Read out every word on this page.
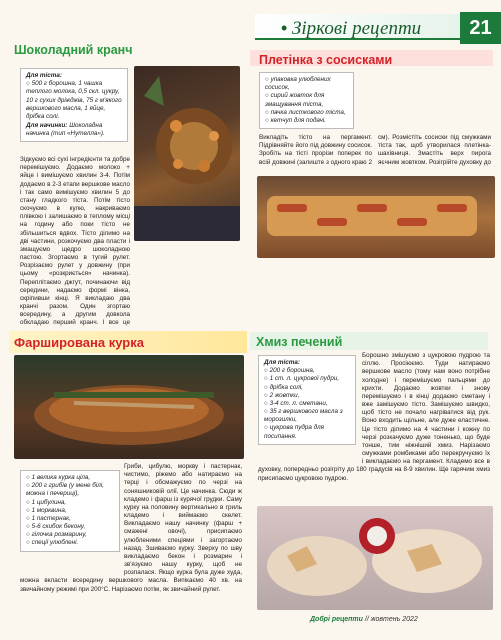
• Зіркові рецепти	21
Шоколадний кранч
Для тіста:
○ 500 г борошна, 1 чашка теплого молока, 0,5 скл. цукру, 10 г сухих дріжджів, 75 г м'якого вершкового масла, 1 яйце, дрібка солі.
Для начинки: Шоколадна начинка (тип «Нутелла»).
Зідкуємо всі сухі інгредієнти та добре перемішуємо. Додаємо молоко + яйце і вимішуємо хвилин 3-4. Потім додаємо в 2-3 етапи вершкове масло і так само вимішуємо хвилин 5 до стану гладкого тіста. Потім тісто скочуємо в кулю, накриваємо плівкою і залишаємо в теплому місці на годину або поки тісто не збільшиться вдвох. Тісто ділимо на дві частини, розкочуємо два пласти і змащуємо щедро шоколадною пастою. Згортаємо в тугий рулет. Розрізаємо рулет у довжину (при цьому «розкриється» начинка). Переплітаємо джгут, починаючи від середини, надаємо формі вінка, скріпивши кінці. Я викладаю два кранчі разом. Один згортаю всередину, а другим довкола обкладаю перший кранч. І все це
Плетінка з сосисками
○ упаковка улюблених сосисок,
○ сирий жовток для змащування тіста,
○ пачка листкового тіста,
○ кетчуп для подачі.
Викладіть тісто на пергамент. Підрівняйте його під довжину сосисок. Зробіть на тісті прорізи поперек по всій довжині (залиште з одного краю 2 см). Розмістіть сосиски під смужками тіста так, щоб утворилася плетінка-шахівниця. Змастіть верх пирога яєчним жовтком. Розігрійте духовку до
Фарширована курка
○ 1 велика курка ціла,
○ 200 г грибів (у мене білі, можна і печериці),
○ 1 цибулина,
○ 1 морквина,
○ 1 пастернак,
○ 5-6 скибок бекону,
○ гілочка розмарину,
○ спеції улюблені.
Гриби, цибулю, моркву і пастернак, чистимо, ріжемо або натираємо на терці і обсмажуємо по черзі на соняшниковій олії. Це начинка. Сюди ж кладемо і фарш із курячої грудки. Саму курку на половину вертикально в гриль кладемо і виймаємо скелет. Викладаємо нашу начинку (фарш + смажені овочі), присипаємо улюбленими спеціями і загортаємо назад. Зшиваємо курку. Зверху по шву викладаємо бекон і розмарин і зв'язуємо нашу курку, щоб не розпалася. Якщо курка була дуже худа, можна вкласти всередину вершкового масла. Випікаємо 40 хв. на звичайному режимі при 200°С. Нарізаємо потім, як звичайний рулет.
Хмиз печений
Для тіста:
○ 200 г борошна,
○ 1 ст. л. цукрової пудри,
○ дрібка солі,
○ 2 жовтки,
○ 3-4 ст. л. сметани,
○ 35 г вершкового масла з морозилки,
○ цукрова пудра для посипання.
Борошно змішуємо з цукровою пудрою та сіллю. Просіюємо. Туди натираємо вершкове масло (тому нам воно потрібне холодне) і перемішуємо пальцями до крихти. Додаємо жовтки і знову перемішуємо і в кінці додаємо сметану і вже замішуємо тісто. Замішуємо швидко, щоб тісто не почало нагріватися від рук. Воно входить щільне, але дуже еластичне. Це тісто ділимо на 4 частини і кожну по черзі розкачуємо дуже тоненько, що буде тонше, тим ніжніший хмиз. Нарізаємо смужками ромбиками або перекручуємо їх і викладаємо на пергамент. Кладемо все в духовку, попередньо розігріту до 180 градусів на 8-9 хвилин. Ще гарячим хмиз присипаємо цукровою пудрою.
Добрі рецепти // жовтень 2022
